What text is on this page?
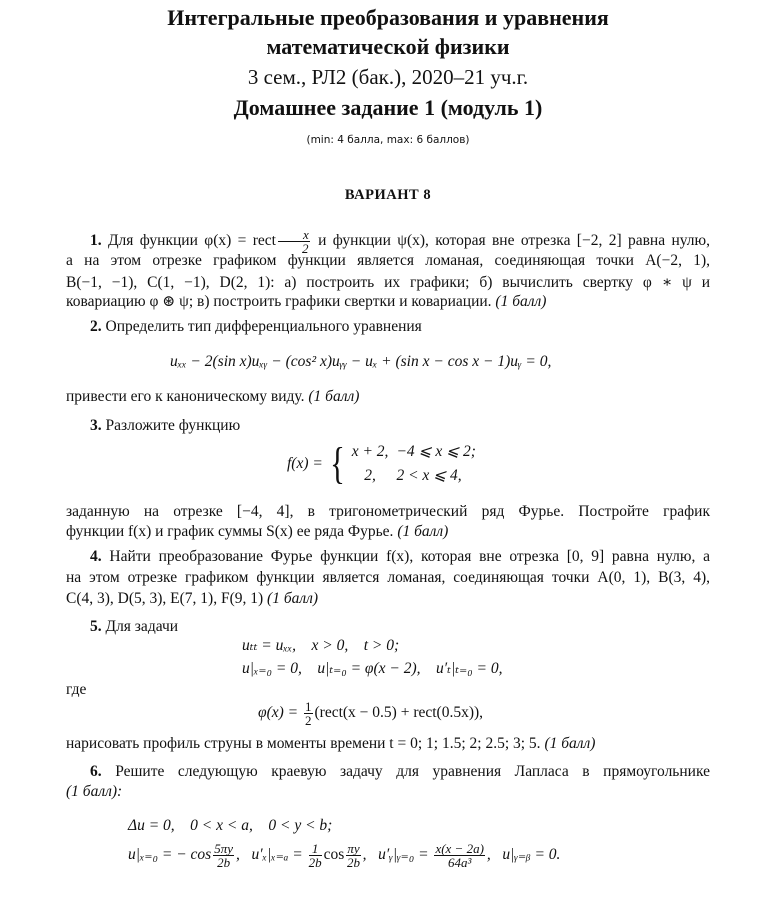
Интегральные преобразования и уравнения
математической физики
3 сем., РЛ2 (бак.), 2020–21 уч.г.
Домашнее задание 1 (модуль 1)
(min: 4 балла, max: 6 баллов)
ВАРИАНТ 8
1. Для функции φ(x) = rect $\frac{x}{2}$ и функции ψ(x), которая вне отрезка [−2, 2] равна нулю,
а на этом отрезке графиком функции является ломаная, соединяющая точки A(−2, 1),
B(−1, −1), C(1, −1), D(2, 1): а) построить их графики; б) вычислить свертку φ ∗ ψ и
ковариацию φ ⊛ ψ; в) построить графики свертки и ковариации. (1 балл)
2. Определить тип дифференциального уравнения
uₓₓ − 2(sin x)uₓᵧ − (cos² x)uᵧᵧ − uₓ + (sin x − cos x − 1)uᵧ = 0,
привести его к каноническому виду. (1 балл)
3. Разложите функцию
f(x) = { x + 2,	−4 ⩽ x ⩽ 2;
2,	2 < x ⩽ 4,
заданную на отрезке [−4, 4], в тригонометрический ряд Фурье. Постройте график
функции f(x) и график суммы S(x) ее ряда Фурье. (1 балл)
4. Найти преобразование Фурье функции f(x), которая вне отрезка [0, 9] равна нулю, а
на этом отрезке графиком функции является ломаная, соединяющая точки A(0, 1), B(3, 4),
C(4, 3), D(5, 3), E(7, 1), F(9, 1) (1 балл)
5. Для задачи
uₜₜ = uₓₓ,    x > 0,    t > 0;
u|ₓ₌₀ = 0,    u|ₜ₌₀ = φ(x − 2),    u′ₜ|ₜ₌₀ = 0,
где
$\varphi(x) = \frac{1}{2}$ (rect(x − 0.5) + rect(0.5x)),
нарисовать профиль струны в моменты времени t = 0; 1; 1.5; 2; 2.5; 3; 5. (1 балл)
6. Решите следующую краевую задачу для уравнения Лапласа в прямоугольнике
(1 балл):
Δu = 0,    0 < x < a,    0 < y < b;
u|ₓ₌₀ = − $\cos \frac{5\pi y}{2b}$ ,   $u'_x|_{x=a} = \frac{1}{2b}$ $\cos \frac{\pi y}{2b}$ ,   u′ᵧ|ᵧ₌₀ = $\frac{x(x - 2a)}{\text{64a³}}$ ,   u|ᵧ₌ᵦ = 0.
